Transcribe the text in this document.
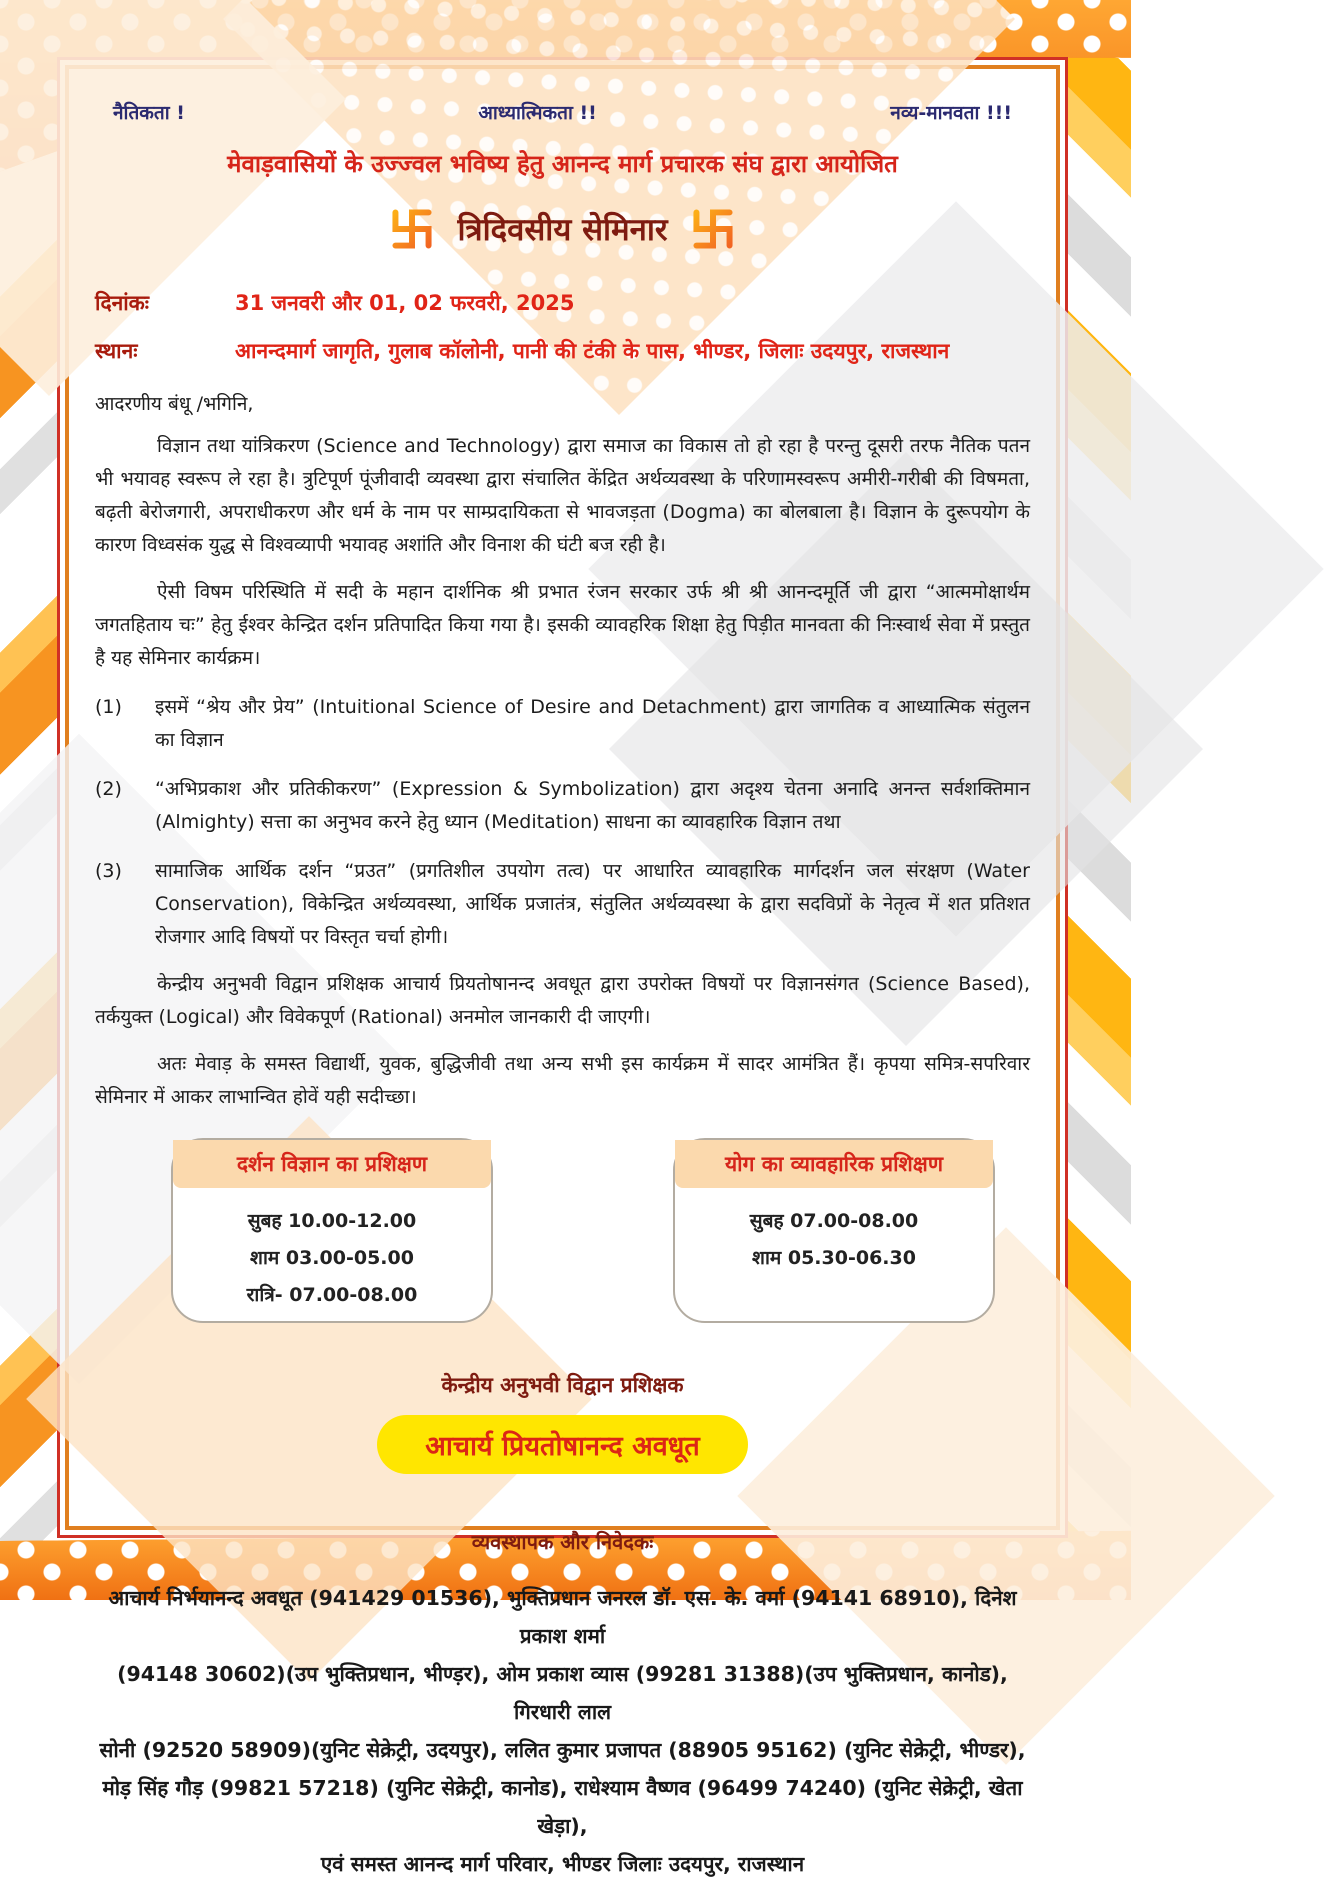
नैतिकता !	आध्यात्मिकता !!	नव्य-मानवता !!!
मेवाड़वासियों के उज्ज्वल भविष्य हेतु आनन्द मार्ग प्रचारक संघ द्वारा आयोजित
त्रिदिवसीय सेमिनार
दिनांकः	31 जनवरी और 01, 02 फरवरी, 2025
स्थानः	आनन्दमार्ग जागृति, गुलाब कॉलोनी, पानी की टंकी के पास, भीण्डर, जिलाः उदयपुर, राजस्थान
आदरणीय बंधू /भगिनि,

विज्ञान तथा यांत्रिकरण (Science and Technology) द्वारा समाज का विकास तो हो रहा है परन्तु दूसरी तरफ नैतिक पतन भी भयावह स्वरूप ले रहा है। त्रुटिपूर्ण पूंजीवादी व्यवस्था द्वारा संचालित केंद्रित अर्थव्यवस्था के परिणामस्वरूप अमीरी-गरीबी की विषमता, बढ़ती बेरोजगारी, अपराधीकरण और धर्म के नाम पर साम्प्रदायिकता से भावजड़ता (Dogma) का बोलबाला है। विज्ञान के दुरूपयोग के कारण विध्वसंक युद्ध से विश्वव्यापी भयावह अशांति और विनाश की घंटी बज रही है।

ऐसी विषम परिस्थिति में सदी के महान दार्शनिक श्री प्रभात रंजन सरकार उर्फ श्री श्री आनन्दमूर्ति जी द्वारा “आत्ममोक्षार्थम जगतहिताय चः” हेतु ईश्वर केन्द्रित दर्शन प्रतिपादित किया गया है। इसकी व्यावहरिक शिक्षा हेतु पिड़ीत मानवता की निःस्वार्थ सेवा में प्रस्तुत है यह सेमिनार कार्यक्रम।

(1)	इसमें “श्रेय और प्रेय” (Intuitional Science of Desire and Detachment) द्वारा जागतिक व आध्यात्मिक संतुलन का विज्ञान
(2)	“अभिप्रकाश और प्रतिकीकरण” (Expression & Symbolization) द्वारा अदृश्य चेतना अनादि अनन्त सर्वशक्तिमान (Almighty) सत्ता का अनुभव करने हेतु ध्यान (Meditation) साधना का व्यावहारिक विज्ञान तथा
(3)	सामाजिक आर्थिक दर्शन “प्रउत” (प्रगतिशील उपयोग तत्व) पर आधारित व्यावहारिक मार्गदर्शन जल संरक्षण (Water Conservation), विकेन्द्रित अर्थव्यवस्था, आर्थिक प्रजातंत्र, संतुलित अर्थव्यवस्था के द्वारा सदविप्रों के नेतृत्व में शत प्रतिशत रोजगार आदि विषयों पर विस्तृत चर्चा होगी।

केन्द्रीय अनुभवी विद्वान प्रशिक्षक आचार्य प्रियतोषानन्द अवधूत द्वारा उपरोक्त विषयों पर विज्ञानसंगत (Science Based), तर्कयुक्त (Logical) और विवेकपूर्ण (Rational) अनमोल जानकारी दी जाएगी।

अतः मेवाड़ के समस्त विद्यार्थी, युवक, बुद्धिजीवी तथा अन्य सभी इस कार्यक्रम में सादर आमंत्रित हैं। कृपया समित्र-सपरिवार सेमिनार में आकर लाभान्वित होवें यही सदीच्छा।

दर्शन विज्ञान का प्रशिक्षण
सुबह 10.00-12.00
शाम 03.00-05.00
रात्रि- 07.00-08.00
योग का व्यावहारिक प्रशिक्षण
सुबह 07.00-08.00
शाम 05.30-06.30
केन्द्रीय अनुभवी विद्वान प्रशिक्षक
आचार्य प्रियतोषानन्द अवधूत
व्यवस्थापक और निवेदकः
आचार्य निर्भयानन्द अवधूत (941429 01536), भुक्तिप्रधान जनरल डॉ. एस. के. वर्मा (94141 68910), दिनेश प्रकाश शर्मा
(94148 30602)(उप भुक्तिप्रधान, भीण्ड़र), ओम प्रकाश व्यास (99281 31388)(उप भुक्तिप्रधान, कानोड), गिरधारी लाल
सोनी (92520 58909)(युनिट सेक्रेट्री, उदयपुर), ललित कुमार प्रजापत (88905 95162) (युनिट सेक्रेट्री, भीण्डर),
मोड़ सिंह गौड़ (99821 57218) (युनिट सेक्रेट्री, कानोड), राधेश्याम वैष्णव (96499 74240) (युनिट सेक्रेट्री, खेता खेड़ा),
एवं समस्त आनन्द मार्ग परिवार, भीण्डर जिलाः उदयपुर, राजस्थान
